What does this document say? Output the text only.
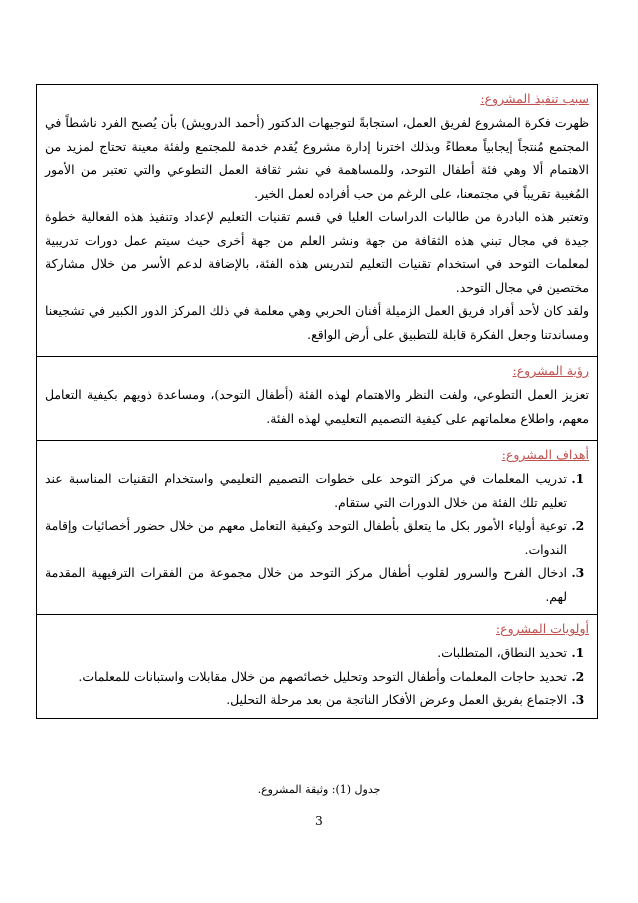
سبب تنفيذ المشروع:

ظهرت فكرة المشروع لفريق العمل، استجابةً لتوجيهات الدكتور (أحمد الدرويش) بأن يُصبح الفرد ناشطاً في المجتمع مُنتجاً إيجابياً معطاءً وبذلك اخترنا إدارة مشروع يُقدم خدمة للمجتمع ولفئة معينة تحتاج لمزيد من الاهتمام ألا وهي فئة أطفال التوحد، وللمساهمة في نشر ثقافة العمل التطوعي والتي تعتبر من الأمور المُغيبة تقريباً في مجتمعنا، على الرغم من حب أفراده لعمل الخير.

وتعتبر هذه البادرة من طالبات الدراسات العليا في قسم تقنيات التعليم لإعداد وتنفيذ هذه الفعالية خطوة جيدة في مجال تبني هذه الثقافة من جهة ونشر العلم من جهة أخرى حيث سيتم عمل دورات تدريبية لمعلمات التوحد في استخدام تقنيات التعليم لتدريس هذه الفئة، بالإضافة لدعم الأسر من خلال مشاركة مختصين في مجال التوحد.

ولقد كان لأحد أفراد فريق العمل الزميلة أفنان الحربي وهي معلمة في ذلك المركز الدور الكبير في تشجيعنا ومساندتنا وجعل الفكرة قابلة للتطبيق على أرض الواقع.

رؤية المشروع:

تعزيز العمل التطوعي، ولفت النظر والاهتمام لهذه الفئة (أطفال التوحد)، ومساعدة ذويهم بكيفية التعامل معهم، واطلاع معلماتهم على كيفية التصميم التعليمي لهذه الفئة.

أهداف المشروع:
1. تدريب المعلمات في مركز التوحد على خطوات التصميم التعليمي واستخدام التقنيات المناسبة عند تعليم تلك الفئة من خلال الدورات التي ستقام.
2. توعية أولياء الأمور بكل ما يتعلق بأطفال التوحد وكيفية التعامل معهم من خلال حضور أخصائيات وإقامة الندوات.
3. ادخال الفرح والسرور لقلوب أطفال مركز التوحد من خلال مجموعة من الفقرات الترفيهية المقدمة لهم.

أولويات المشروع:
1. تحديد النطاق، المتطلبات.
2. تحديد حاجات المعلمات وأطفال التوحد وتحليل خصائصهم من خلال مقابلات واستبانات للمعلمات.
3. الاجتماع بفريق العمل وعرض الأفكار الناتجة من بعد مرحلة التحليل.
جدول (1): وثيقة المشروع.
3
